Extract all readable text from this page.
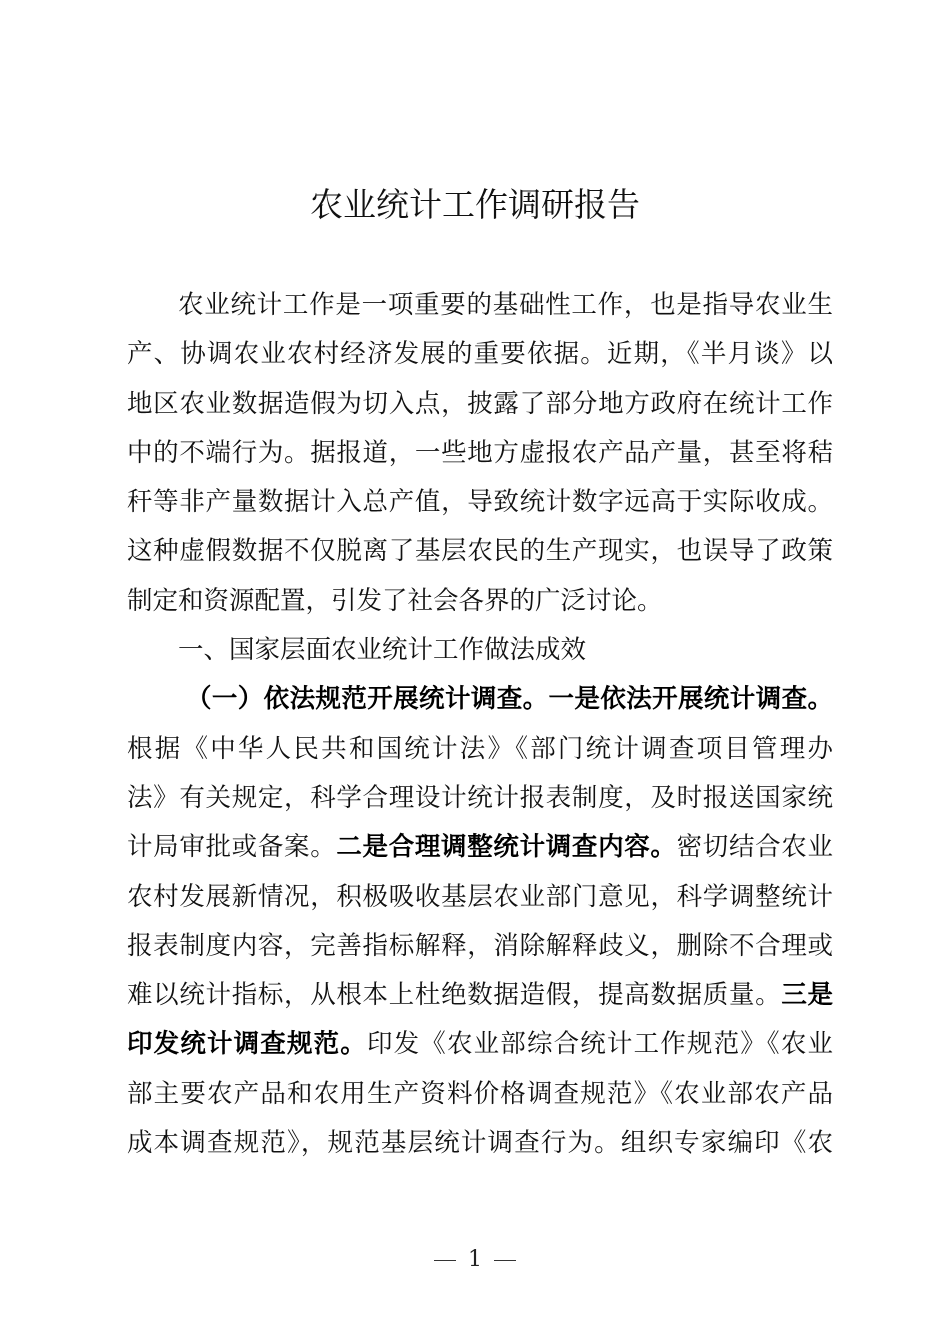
农业统计工作调研报告
农业统计工作是一项重要的基础性工作，也是指导农业生
产、协调农业农村经济发展的重要依据。近期，《半月谈》以
地区农业数据造假为切入点，披露了部分地方政府在统计工作
中的不端行为。据报道，一些地方虚报农产品产量，甚至将秸
秆等非产量数据计入总产值，导致统计数字远高于实际收成。
这种虚假数据不仅脱离了基层农民的生产现实，也误导了政策
制定和资源配置，引发了社会各界的广泛讨论。
一、国家层面农业统计工作做法成效
（一）依法规范开展统计调查。一是依法开展统计调查。
根据《中华人民共和国统计法》《部门统计调查项目管理办
法》有关规定，科学合理设计统计报表制度，及时报送国家统
计局审批或备案。二是合理调整统计调查内容。密切结合农业
农村发展新情况，积极吸收基层农业部门意见，科学调整统计
报表制度内容，完善指标解释，消除解释歧义，删除不合理或
难以统计指标，从根本上杜绝数据造假，提高数据质量。三是
印发统计调查规范。印发《农业部综合统计工作规范》《农业
部主要农产品和农用生产资料价格调查规范》《农业部农产品
成本调查规范》，规范基层统计调查行为。组织专家编印《农
1
